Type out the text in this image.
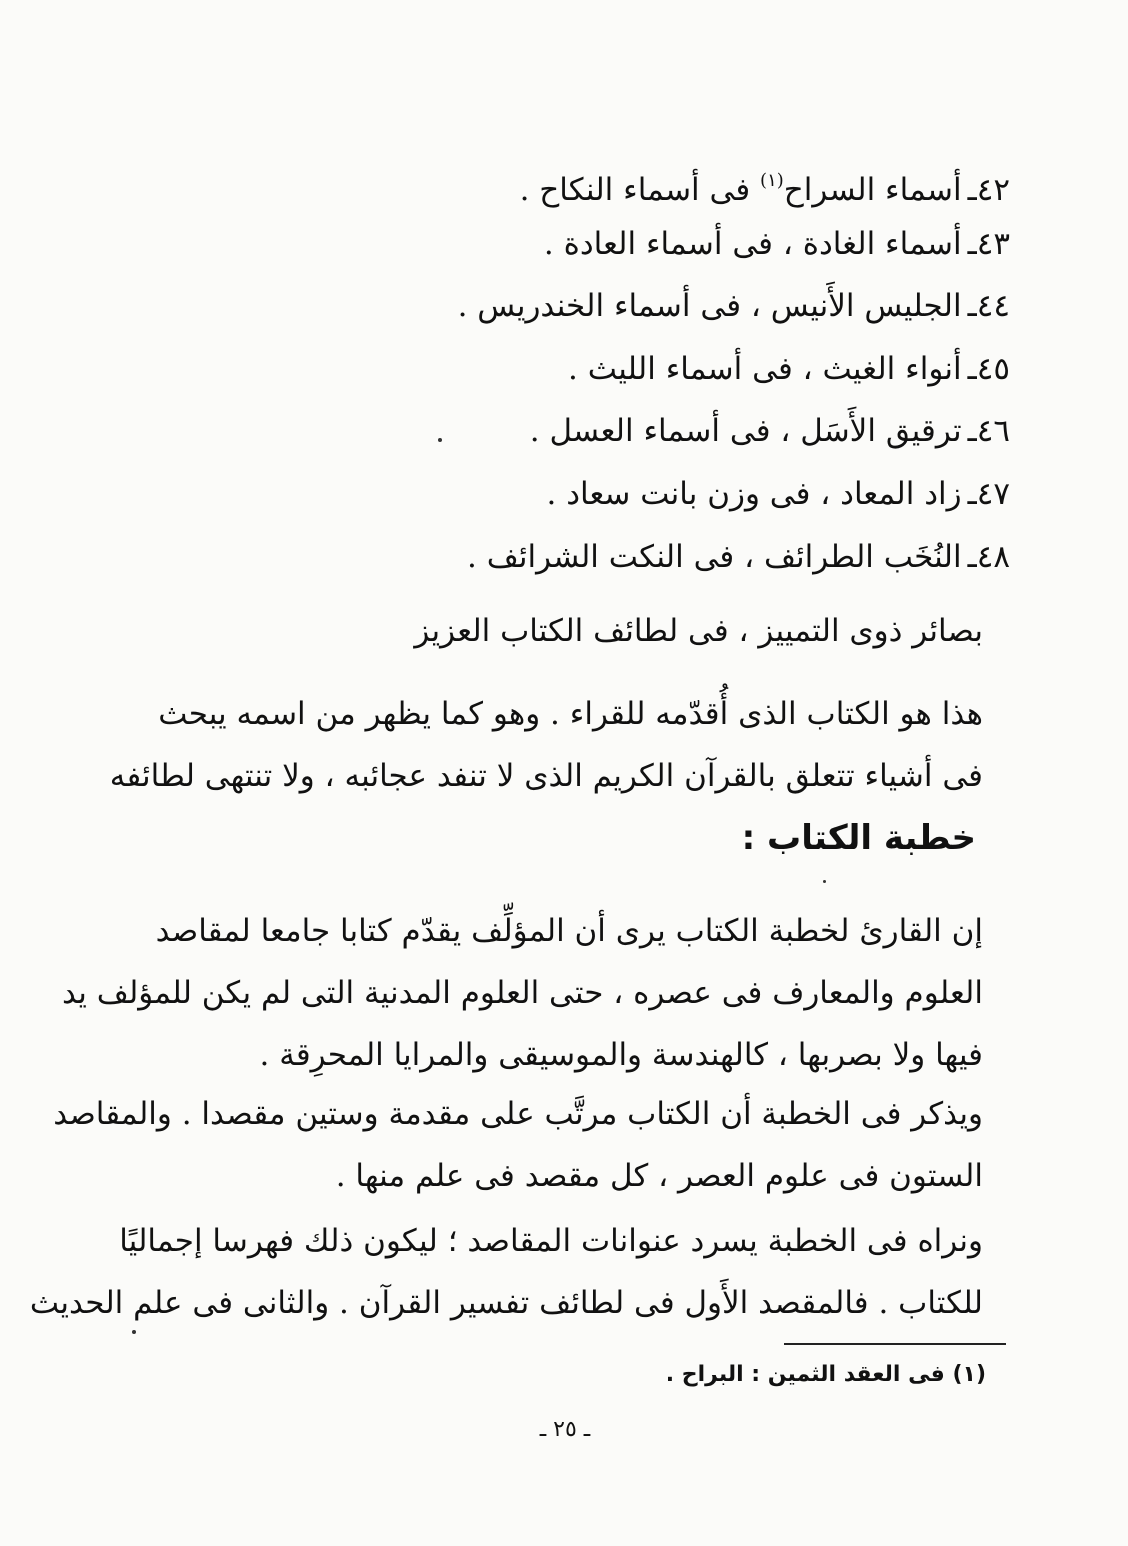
٤٢ـأسماء السراح$^{(١)}$ فى أسماء النكاح .
٤٣ـأسماء الغادة ، فى أسماء العادة .
٤٤ـالجليس الأَنيس ، فى أسماء الخندريس .
٤٥ـأنواء الغيث ، فى أسماء الليث .
٤٦ـترقيق الأَسَل ، فى أسماء العسل .
٤٧ـزاد المعاد ، فى وزن بانت سعاد .
٤٨ـالنُخَب الطرائف ، فى النكت الشرائف .
بصائر ذوى التمييز ، فى لطائف الكتاب العزيز
هذا هو الكتاب الذى أُقدّمه للقراء . وهو كما يظهر من اسمه يبحث
فى أشياء تتعلق بالقرآن الكريم الذى لا تنفد عجائبه ، ولا تنتهى لطائفه
خطبة الكتاب :
إن القارئ لخطبة الكتاب يرى أن المؤلِّف يقدّم كتابا جامعا لمقاصد
العلوم والمعارف فى عصره ، حتى العلوم المدنية التى لم يكن للمؤلف يد
فيها ولا بصربها ، كالهندسة والموسيقى والمرايا المحرِقة .
ويذكر فى الخطبة أن الكتاب مرتَّب على مقدمة وستين مقصدا . والمقاصد
الستون فى علوم العصر ، كل مقصد فى علم منها .
ونراه فى الخطبة يسرد عنوانات المقاصد ؛ ليكون ذلك فهرسا إجماليًا
للكتاب . فالمقصد الأَول فى لطائف تفسير القرآن . والثانى فى علم الحديث
(١) فى العقد الثمين : البراح .
ـ ٢٥ ـ
